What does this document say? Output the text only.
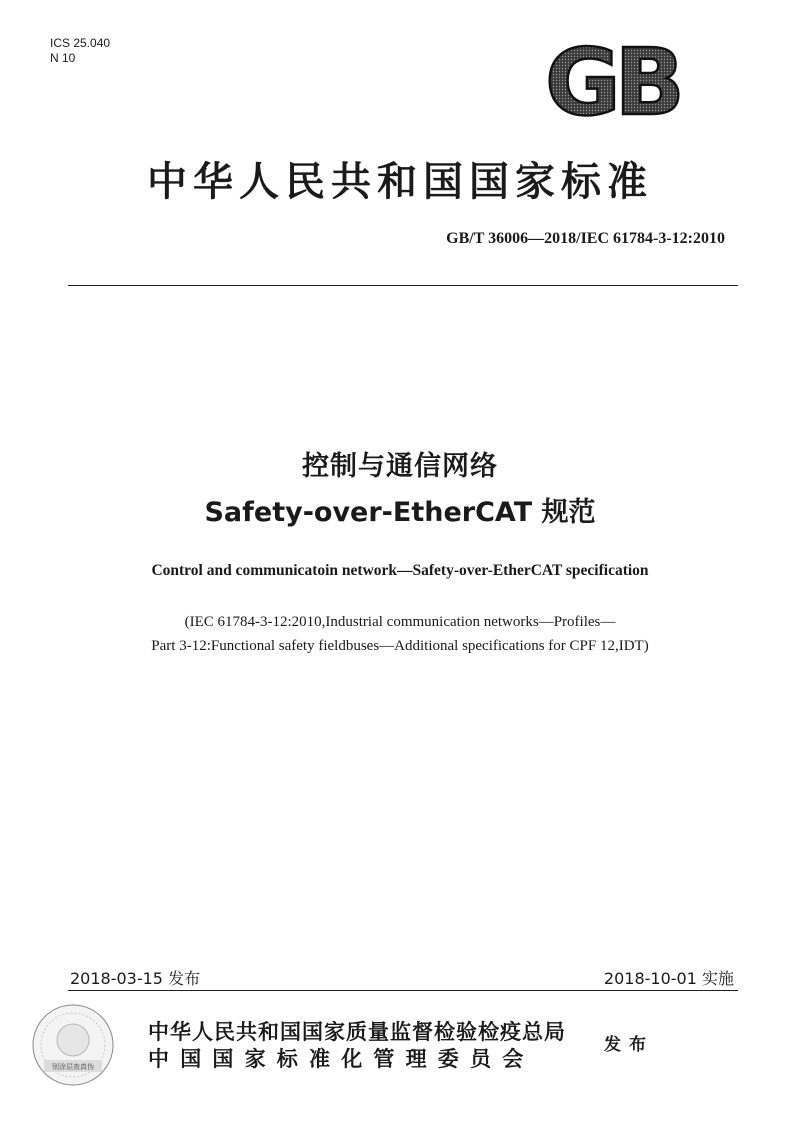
ICS 25.040
N 10	GB
中华人民共和国国家标准
GB/T 36006—2018/IEC 61784-3-12:2010
控制与通信网络
Safety-over-EtherCAT 规范
Control and communicatoin network—Safety-over-EtherCAT specification
(IEC 61784-3-12:2010,Industrial communication networks—Profiles—
Part 3-12:Functional safety fieldbuses—Additional specifications for CPF 12,IDT)
2018-03-15 发布	2018-10-01 实施
别涂层查真伪
中华人民共和国国家质量监督检验检疫总局
中国国家标准化管理委员会
发布
